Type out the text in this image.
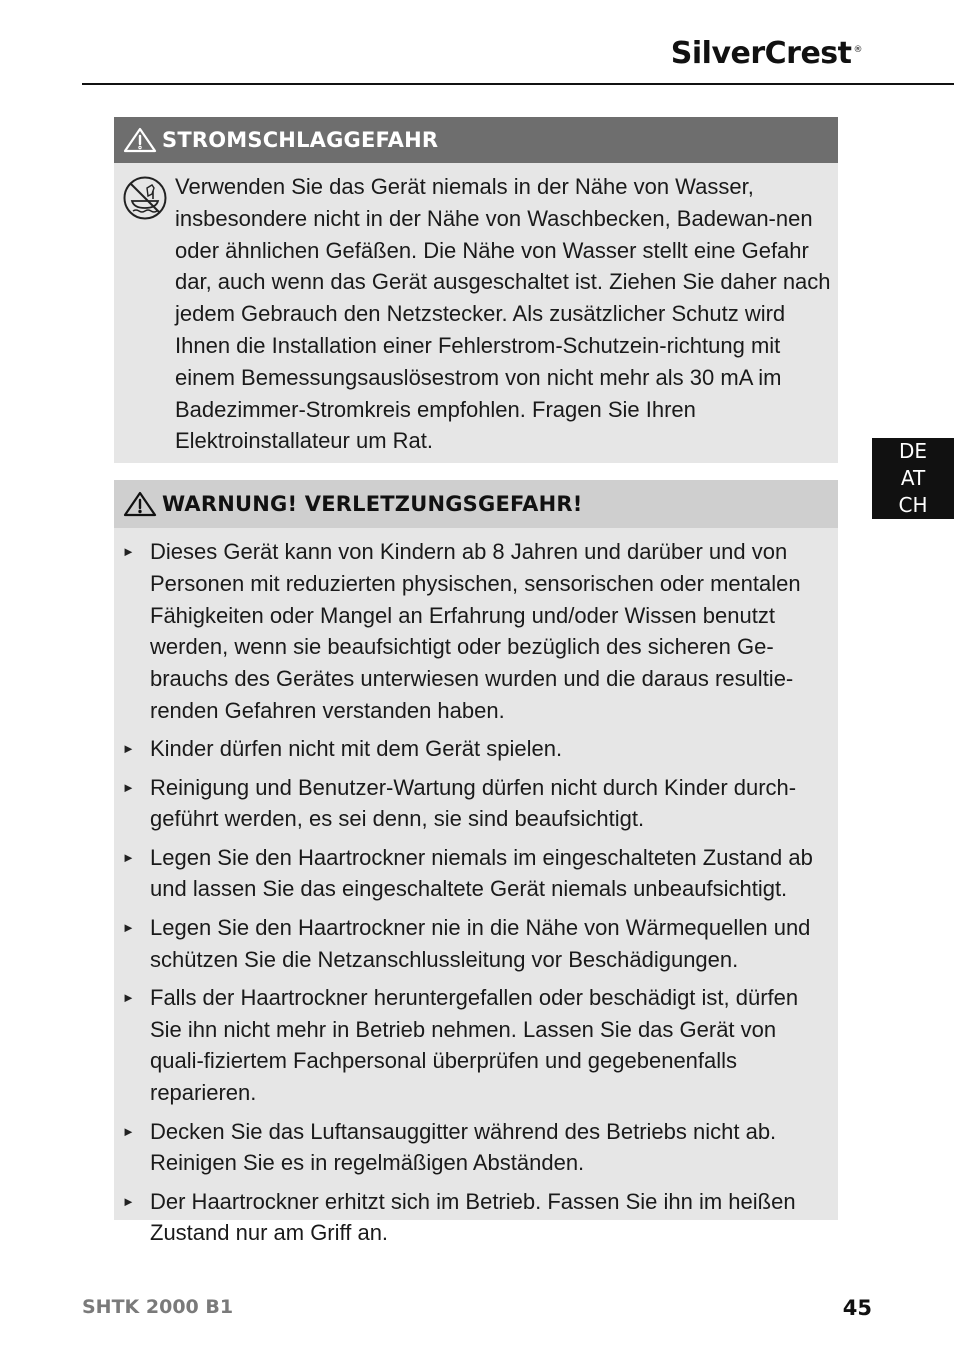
SilverCrest ®
STROMSCHLAGGEFAHR

Verwenden Sie das Gerät niemals in der Nähe von Wasser, insbesondere nicht in der Nähe von Waschbecken, Badewan-nen oder ähnlichen Gefäßen. Die Nähe von Wasser stellt eine Gefahr dar, auch wenn das Gerät ausgeschaltet ist. Ziehen Sie daher nach jedem Gebrauch den Netzstecker. Als zusätzlicher Schutz wird Ihnen die Installation einer Fehlerstrom-Schutzein-richtung mit einem Bemessungsauslösestrom von nicht mehr als 30 mA im Badezimmer-Stromkreis empfohlen. Fragen Sie Ihren Elektroinstallateur um Rat.

WARNUNG! VERLETZUNGSGEFAHR!
► Dieses Gerät kann von Kindern ab 8 Jahren und darüber und von Personen mit reduzierten physischen, sensorischen oder mentalen Fähigkeiten oder Mangel an Erfahrung und/oder Wissen benutzt werden, wenn sie beaufsichtigt oder bezüglich des sicheren Ge-brauchs des Gerätes unterwiesen wurden und die daraus resultie-renden Gefahren verstanden haben.
► Kinder dürfen nicht mit dem Gerät spielen.
► Reinigung und Benutzer-Wartung dürfen nicht durch Kinder durch-geführt werden, es sei denn, sie sind beaufsichtigt.
► Legen Sie den Haartrockner niemals im eingeschalteten Zustand ab und lassen Sie das eingeschaltete Gerät niemals unbeaufsichtigt.
► Legen Sie den Haartrockner nie in die Nähe von Wärmequellen und schützen Sie die Netzanschlussleitung vor Beschädigungen.
► Falls der Haartrockner heruntergefallen oder beschädigt ist, dürfen Sie ihn nicht mehr in Betrieb nehmen. Lassen Sie das Gerät von quali-fiziertem Fachpersonal überprüfen und gegebenenfalls reparieren.
► Decken Sie das Luftansauggitter während des Betriebs nicht ab. Reinigen Sie es in regelmäßigen Abständen.
► Der Haartrockner erhitzt sich im Betrieb. Fassen Sie ihn im heißen Zustand nur am Griff an.
DE
AT
CH
SHTK 2000 B1	45
